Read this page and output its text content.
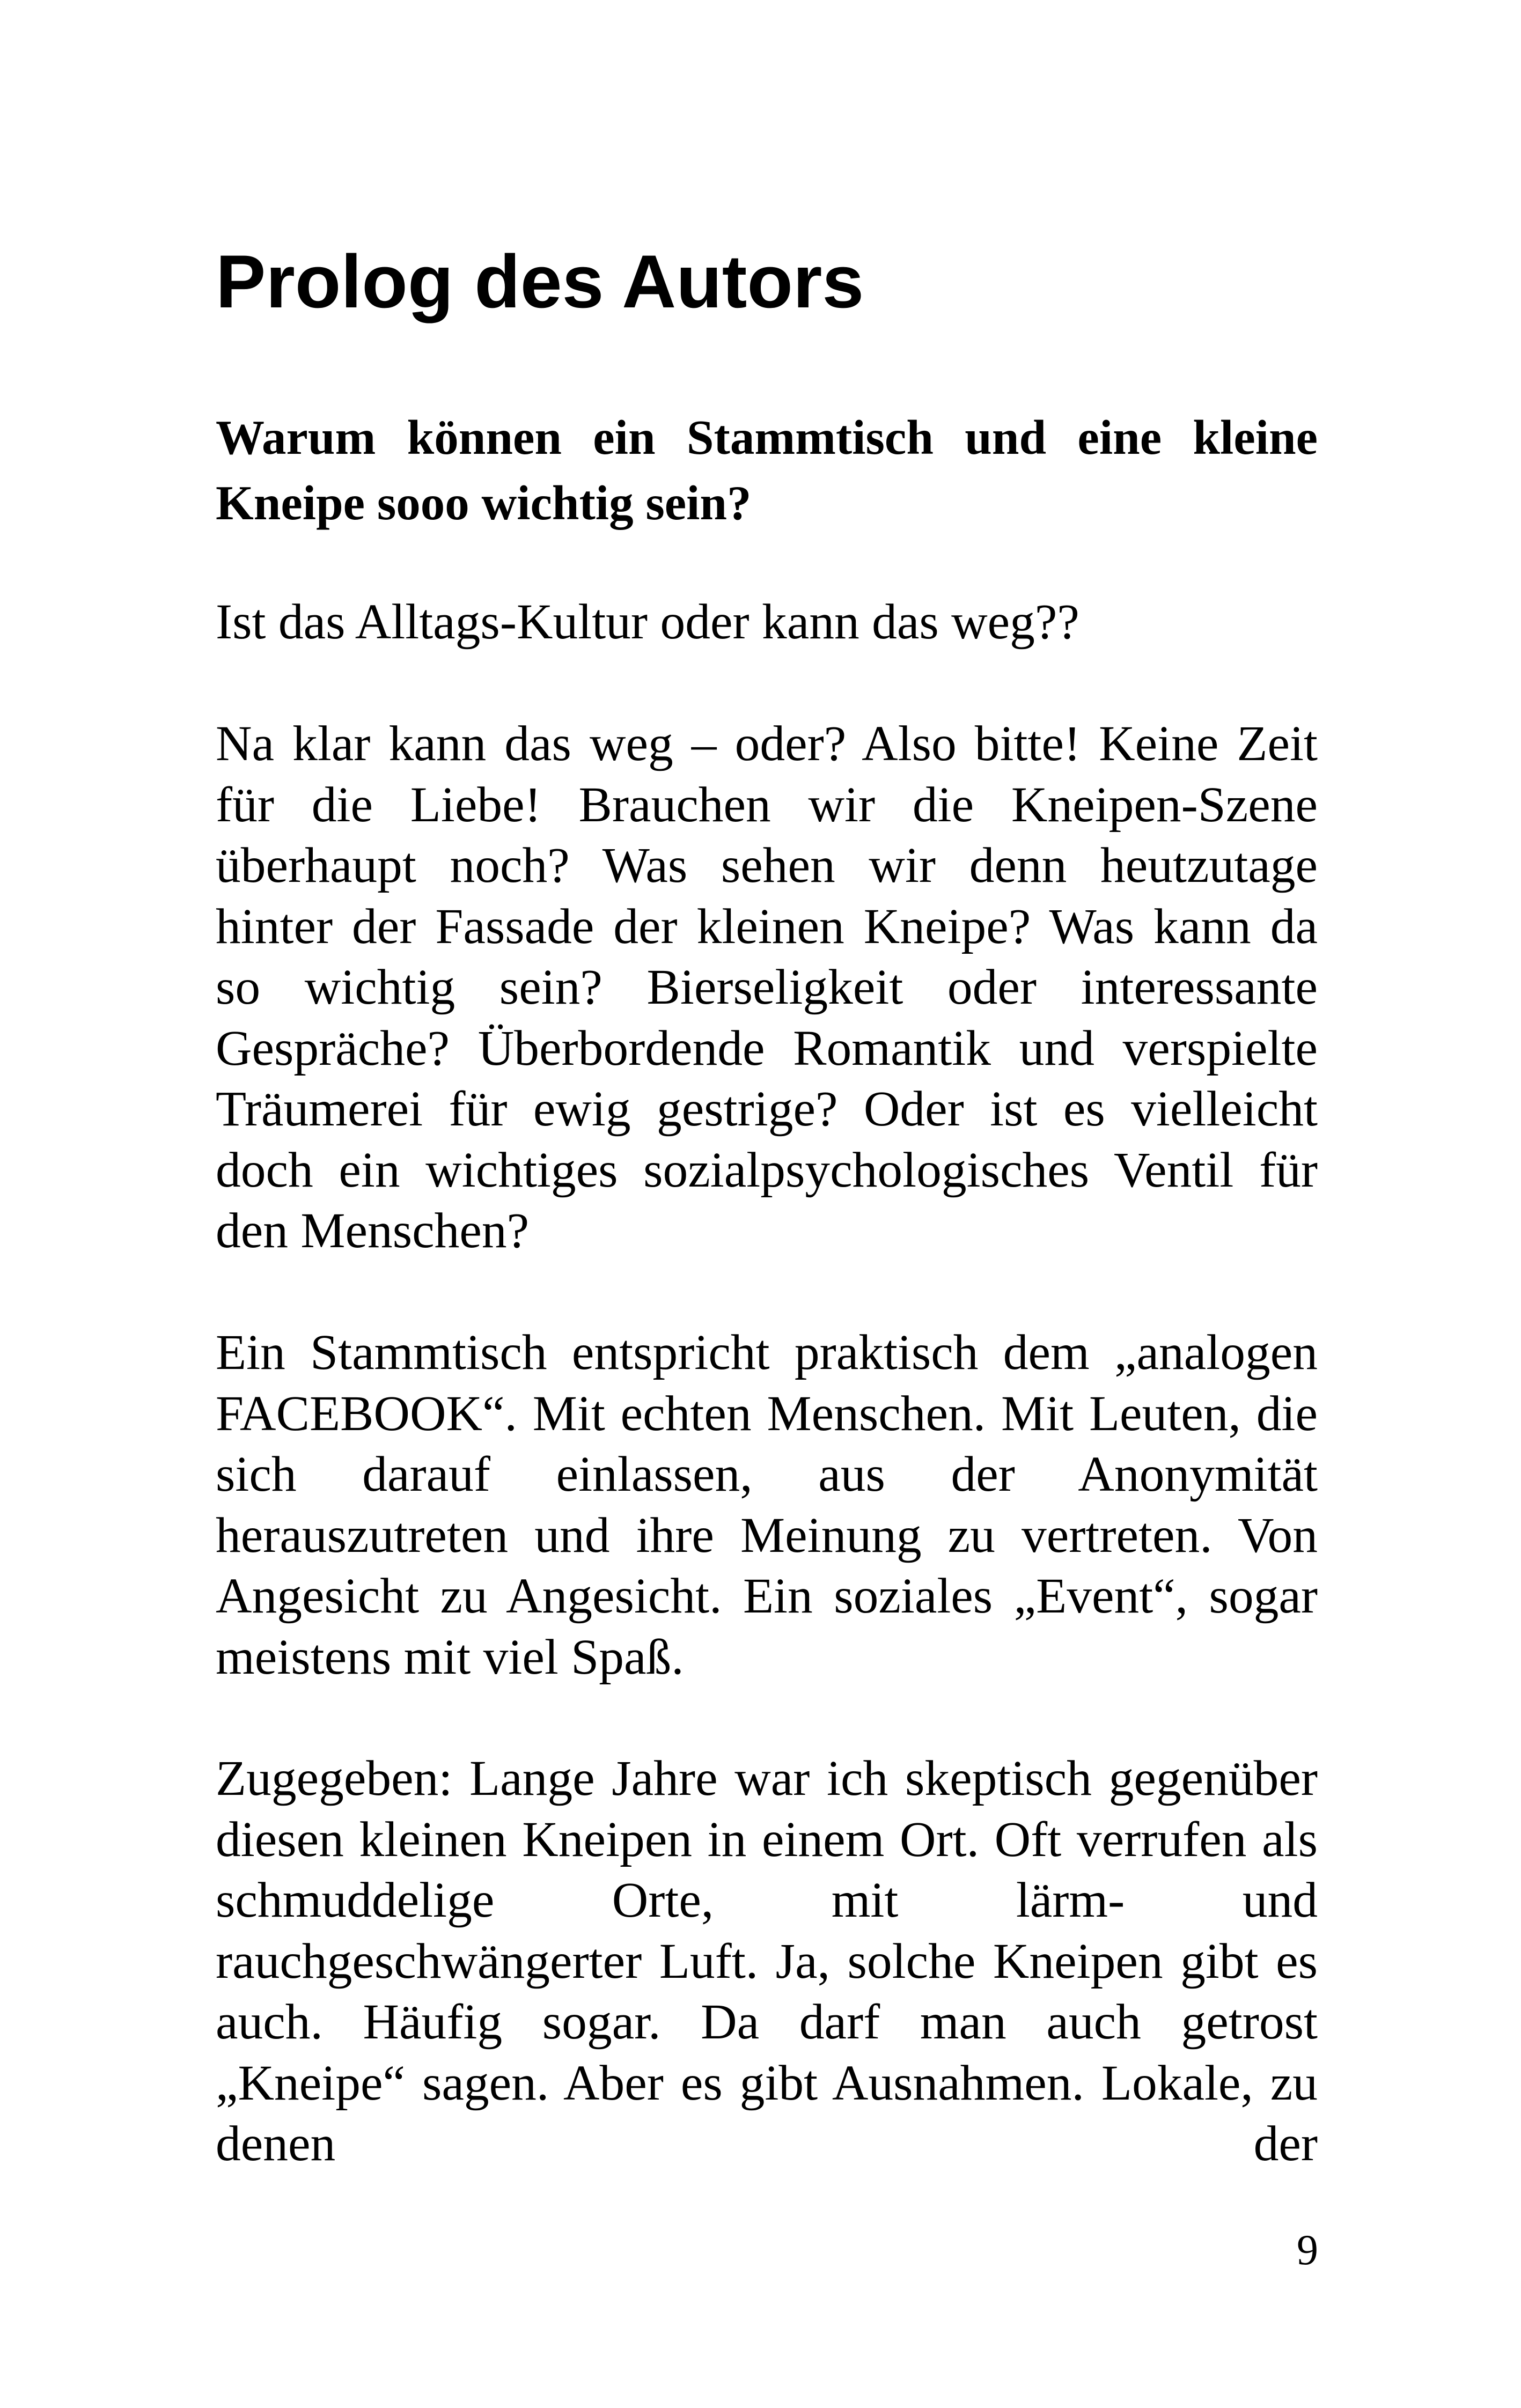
Prolog des Autors

Warum können ein Stammtisch und eine kleine Kneipe sooo wichtig sein?

Ist das Alltags-Kultur oder kann das weg??

Na klar kann das weg – oder? Also bitte! Keine Zeit für die Liebe! Brauchen wir die Kneipen-Szene überhaupt noch? Was sehen wir denn heutzutage hinter der Fassade der kleinen Kneipe? Was kann da so wichtig sein? Bierseligkeit oder interessante Gespräche? Überbordende Romantik und verspielte Träumerei für ewig gestrige? Oder ist es vielleicht doch ein wichtiges sozialpsychologisches Ventil für den Menschen?

Ein Stammtisch entspricht praktisch dem „analogen FACEBOOK“. Mit echten Menschen. Mit Leuten, die sich darauf einlassen, aus der Anonymität herauszutreten und ihre Meinung zu vertreten. Von Angesicht zu Angesicht. Ein soziales „Event“, sogar meistens mit viel Spaß.

Zugegeben: Lange Jahre war ich skeptisch gegenüber diesen kleinen Kneipen in einem Ort. Oft verrufen als schmuddelige Orte, mit lärm- und rauchgeschwängerter Luft. Ja, solche Kneipen gibt es auch. Häufig sogar. Da darf man auch getrost „Kneipe“ sagen. Aber es gibt Ausnahmen. Lokale, zu denen der

9
